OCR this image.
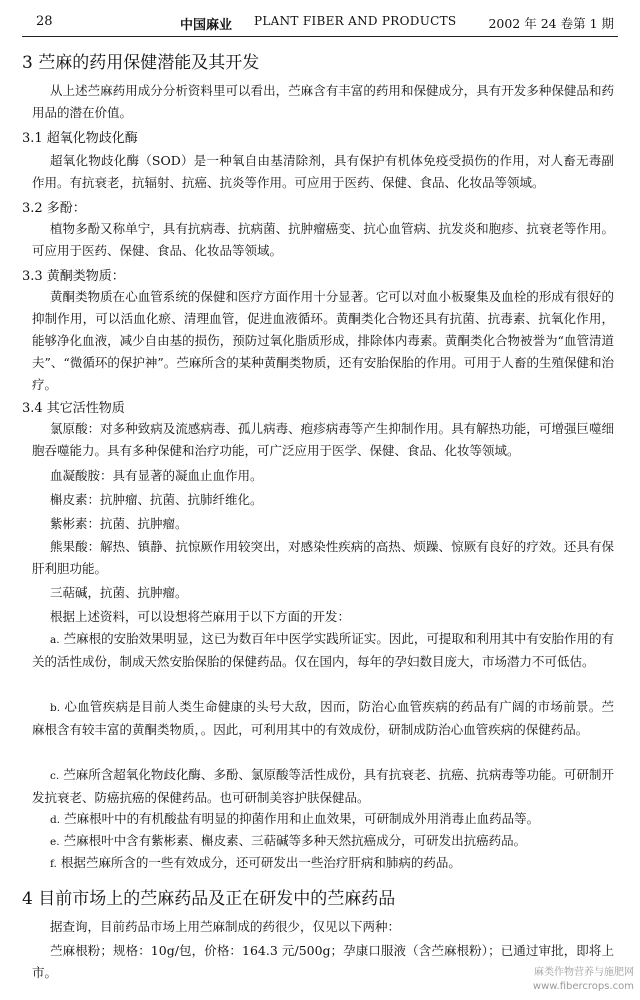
28	中国麻业 PLANT FIBER AND PRODUCTS	2002 年 24 卷第 1 期
3 苎麻的药用保健潜能及其开发

从上述苎麻药用成分分析资料里可以看出，苎麻含有丰富的药用和保健成分，具有开发多种保健品和药用品的潜在价值。

3.1 超氧化物歧化酶

超氧化物歧化酶（SOD）是一种氧自由基清除剂，具有保护有机体免疫受损伤的作用，对人畜无毒副作用。有抗衰老，抗辐射、抗癌、抗炎等作用。可应用于医药、保健、食品、化妆品等领域。

3.2 多酚：

植物多酚又称单宁，具有抗病毒、抗病菌、抗肿瘤癌变、抗心血管病、抗发炎和胞疹、抗衰老等作用。可应用于医药、保健、食品、化妆品等领域。

3.3 黄酮类物质：

黄酮类物质在心血管系统的保健和医疗方面作用十分显著。它可以对血小板聚集及血栓的形成有很好的抑制作用，可以活血化瘀、清理血管，促进血液循环。黄酮类化合物还具有抗菌、抗毒素、抗氧化作用，能够净化血液，减少自由基的损伤，预防过氧化脂质形成，排除体内毒素。黄酮类化合物被誉为“血管清道夫”、“微循环的保护神”。苎麻所含的某种黄酮类物质，还有安胎保胎的作用。可用于人畜的生殖保健和治疗。

3.4 其它活性物质

氯原酸：对多种致病及流感病毒、孤儿病毒、疱疹病毒等产生抑制作用。具有解热功能，可增强巨噬细胞吞噬能力。具有多种保健和治疗功能，可广泛应用于医学、保健、食品、化妆等领域。

血凝酸胺：具有显著的凝血止血作用。
槲皮素：抗肿瘤、抗菌、抗肺纤维化。
紫彬素：抗菌、抗肿瘤。

熊果酸：解热、镇静、抗惊厥作用较突出，对感染性疾病的高热、烦躁、惊厥有良好的疗效。还具有保肝利胆功能。

三萜碱，抗菌、抗肿瘤。
根据上述资料，可以设想将苎麻用于以下方面的开发：

a. 苎麻根的安胎效果明显，这已为数百年中医学实践所证实。因此，可提取和利用其中有安胎作用的有关的活性成份，制成天然安胎保胎的保健药品。仅在国内，每年的孕妇数目庞大，市场潜力不可低估。

b. 心血管疾病是目前人类生命健康的头号大敌，因而，防治心血管疾病的药品有广阔的市场前景。苎麻根含有较丰富的黄酮类物质，。因此，可利用其中的有效成份，研制成防治心血管疾病的保健药品。

c. 苎麻所含超氧化物歧化酶、多酚、氯原酸等活性成份，具有抗衰老、抗癌、抗病毒等功能。可研制开发抗衰老、防癌抗癌的保健药品。也可研制美容护肤保健品。

d. 苎麻根叶中的有机酸盐有明显的抑菌作用和止血效果，可研制成外用消毒止血药品等。

e. 苎麻根叶中含有紫彬素、槲皮素、三萜碱等多种天然抗癌成分，可研发出抗癌药品。

f. 根据苎麻所含的一些有效成分，还可研发出一些治疗肝病和肺病的药品。

4 目前市场上的苎麻药品及正在研发中的苎麻药品

据查询，目前药品市场上用苎麻制成的药很少，仅见以下两种：

苎麻根粉；规格：10g/包，价格：164.3 元/500g；孕康口服液（含苎麻根粉）；已通过审批，即将上市。	麻类作物营养与施肥网
www.fibercrops.com
